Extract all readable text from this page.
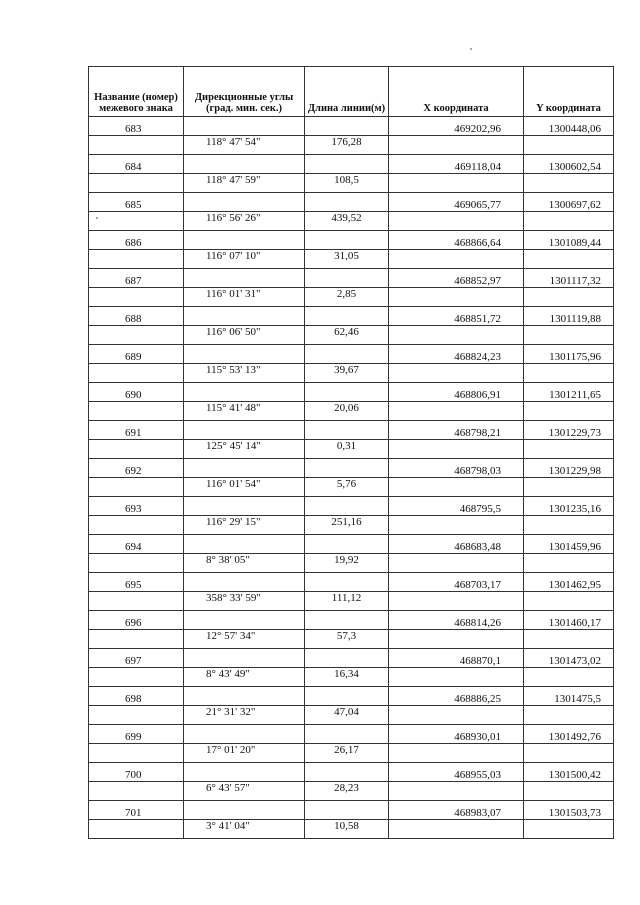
Название (номер) межевого знака	Дирекционные углы (град. мин. сек.)	Длина линии(м)	X координата	Y координата
683			469202,96	1300448,06
	118° 47' 54"	176,28		
684			469118,04	1300602,54
	118° 47' 59"	108,5		
685			469065,77	1300697,62
	116° 56' 26"	439,52		
686			468866,64	1301089,44
	116° 07' 10"	31,05		
687			468852,97	1301117,32
	116° 01' 31"	2,85		
688			468851,72	1301119,88
	116° 06' 50"	62,46		
689			468824,23	1301175,96
	115° 53' 13"	39,67		
690			468806,91	1301211,65
	115° 41' 48"	20,06		
691			468798,21	1301229,73
	125° 45' 14"	0,31		
692			468798,03	1301229,98
	116° 01' 54"	5,76		
693			468795,5	1301235,16
	116° 29' 15"	251,16		
694			468683,48	1301459,96
	8° 38' 05"	19,92		
695			468703,17	1301462,95
	358° 33' 59"	111,12		
696			468814,26	1301460,17
	12° 57' 34"	57,3		
697			468870,1	1301473,02
	8° 43' 49"	16,34		
698			468886,25	1301475,5
	21° 31' 32"	47,04		
699			468930,01	1301492,76
	17° 01' 20"	26,17		
700			468955,03	1301500,42
	6° 43' 57"	28,23		
701			468983,07	1301503,73
	3° 41' 04"	10,58		
